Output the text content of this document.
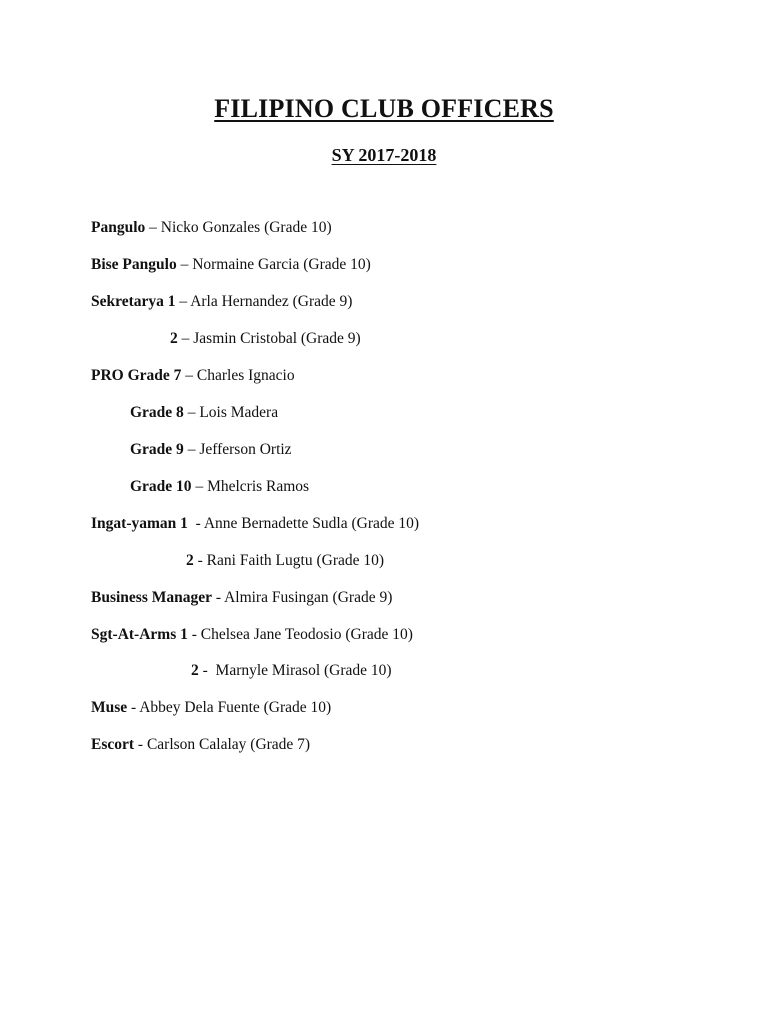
FILIPINO CLUB OFFICERS
SY 2017-2018
Pangulo – Nicko Gonzales (Grade 10)
Bise Pangulo – Normaine Garcia (Grade 10)
Sekretarya 1 – Arla Hernandez (Grade 9)
2 – Jasmin Cristobal (Grade 9)
PRO Grade 7 – Charles Ignacio
Grade 8 – Lois Madera
Grade 9 – Jefferson Ortiz
Grade 10 – Mhelcris Ramos
Ingat-yaman 1  - Anne Bernadette Sudla (Grade 10)
2 - Rani Faith Lugtu (Grade 10)
Business Manager - Almira Fusingan (Grade 9)
Sgt-At-Arms 1 - Chelsea Jane Teodosio (Grade 10)
2 -  Marnyle Mirasol (Grade 10)
Muse - Abbey Dela Fuente (Grade 10)
Escort - Carlson Calalay (Grade 7)
